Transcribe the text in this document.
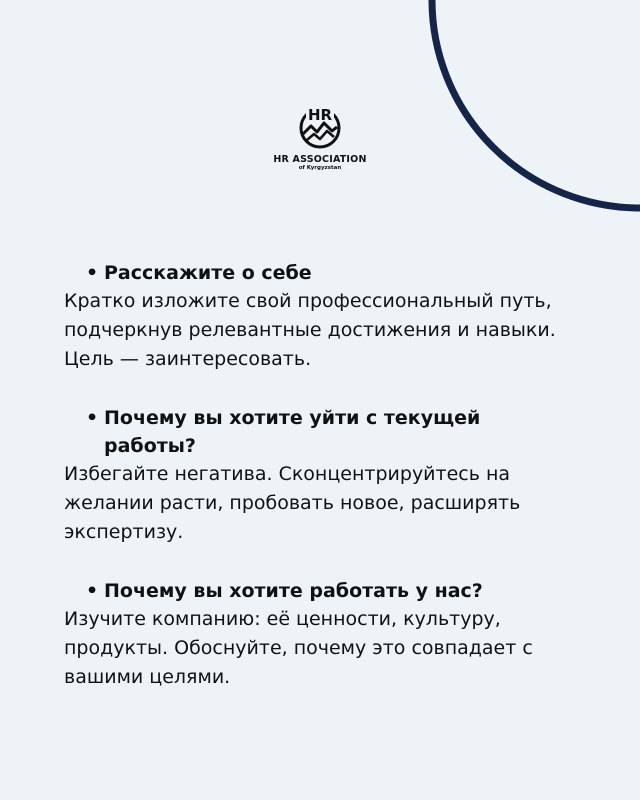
HR
HR ASSOCIATION
of Kyrgyzstan
• Расскажите о себе
Кратко изложите свой профессиональный путь, подчеркнув релевантные достижения и навыки. Цель — заинтересовать.
• Почему вы хотите уйти с текущей работы?
Избегайте негатива. Сконцентрируйтесь на желании расти, пробовать новое, расширять экспертизу.
• Почему вы хотите работать у нас?
Изучите компанию: её ценности, культуру, продукты. Обоснуйте, почему это совпадает с вашими целями.
